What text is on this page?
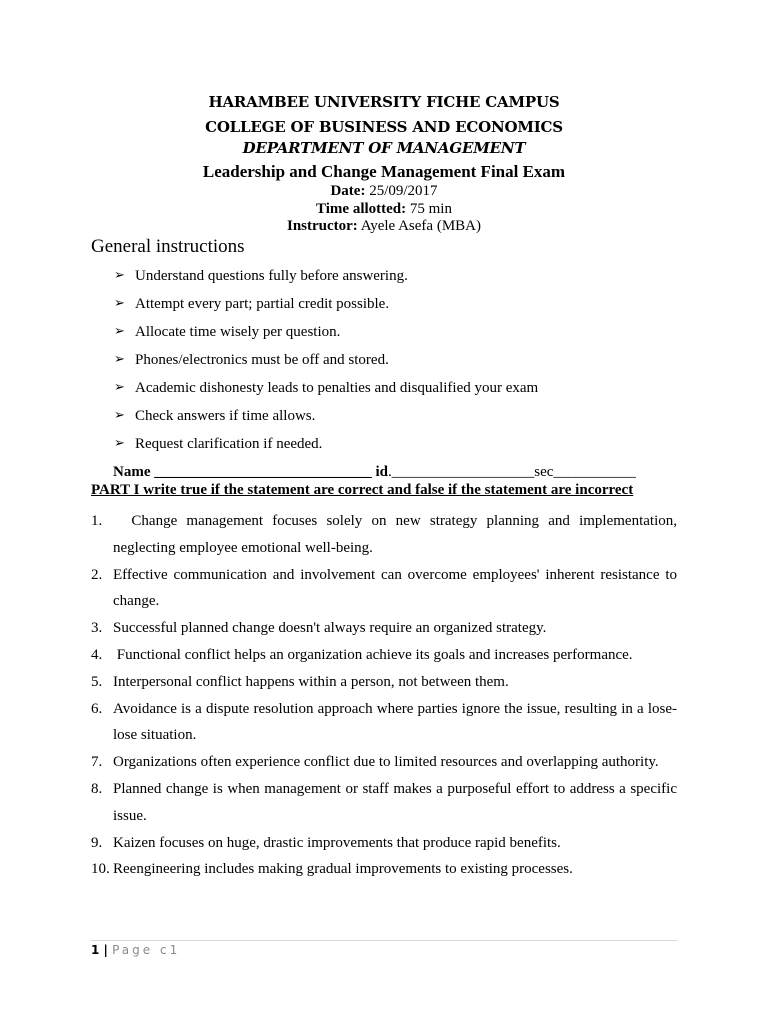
HARAMBEE UNIVERSITY FICHE CAMPUS
COLLEGE OF BUSINESS AND ECONOMICS
DEPARTMENT OF MANAGEMENT
Leadership and Change Management Final Exam
Date: 25/09/2017
Time allotted: 75 min
Instructor: Ayele Asefa (MBA)
General instructions
➢ Understand questions fully before answering.
➢ Attempt every part; partial credit possible.
➢ Allocate time wisely per question.
➢ Phones/electronics must be off and stored.
➢ Academic dishonesty leads to penalties and disqualified your exam
➢ Check answers if time allows.
➢ Request clarification if needed.
Name _____________________________ id.___________________sec___________
PART I write true if the statement are correct and false if the statement are incorrect
1. Change management focuses solely on new strategy planning and implementation, neglecting employee emotional well-being.
2. Effective communication and involvement can overcome employees' inherent resistance to change.
3. Successful planned change doesn't always require an organized strategy.
4. Functional conflict helps an organization achieve its goals and increases performance.
5. Interpersonal conflict happens within a person, not between them.
6. Avoidance is a dispute resolution approach where parties ignore the issue, resulting in a lose-lose situation.
7. Organizations often experience conflict due to limited resources and overlapping authority.
8. Planned change is when management or staff makes a purposeful effort to address a specific issue.
9. Kaizen focuses on huge, drastic improvements that produce rapid benefits.
10. Reengineering includes making gradual improvements to existing processes.
1 | Page c1
